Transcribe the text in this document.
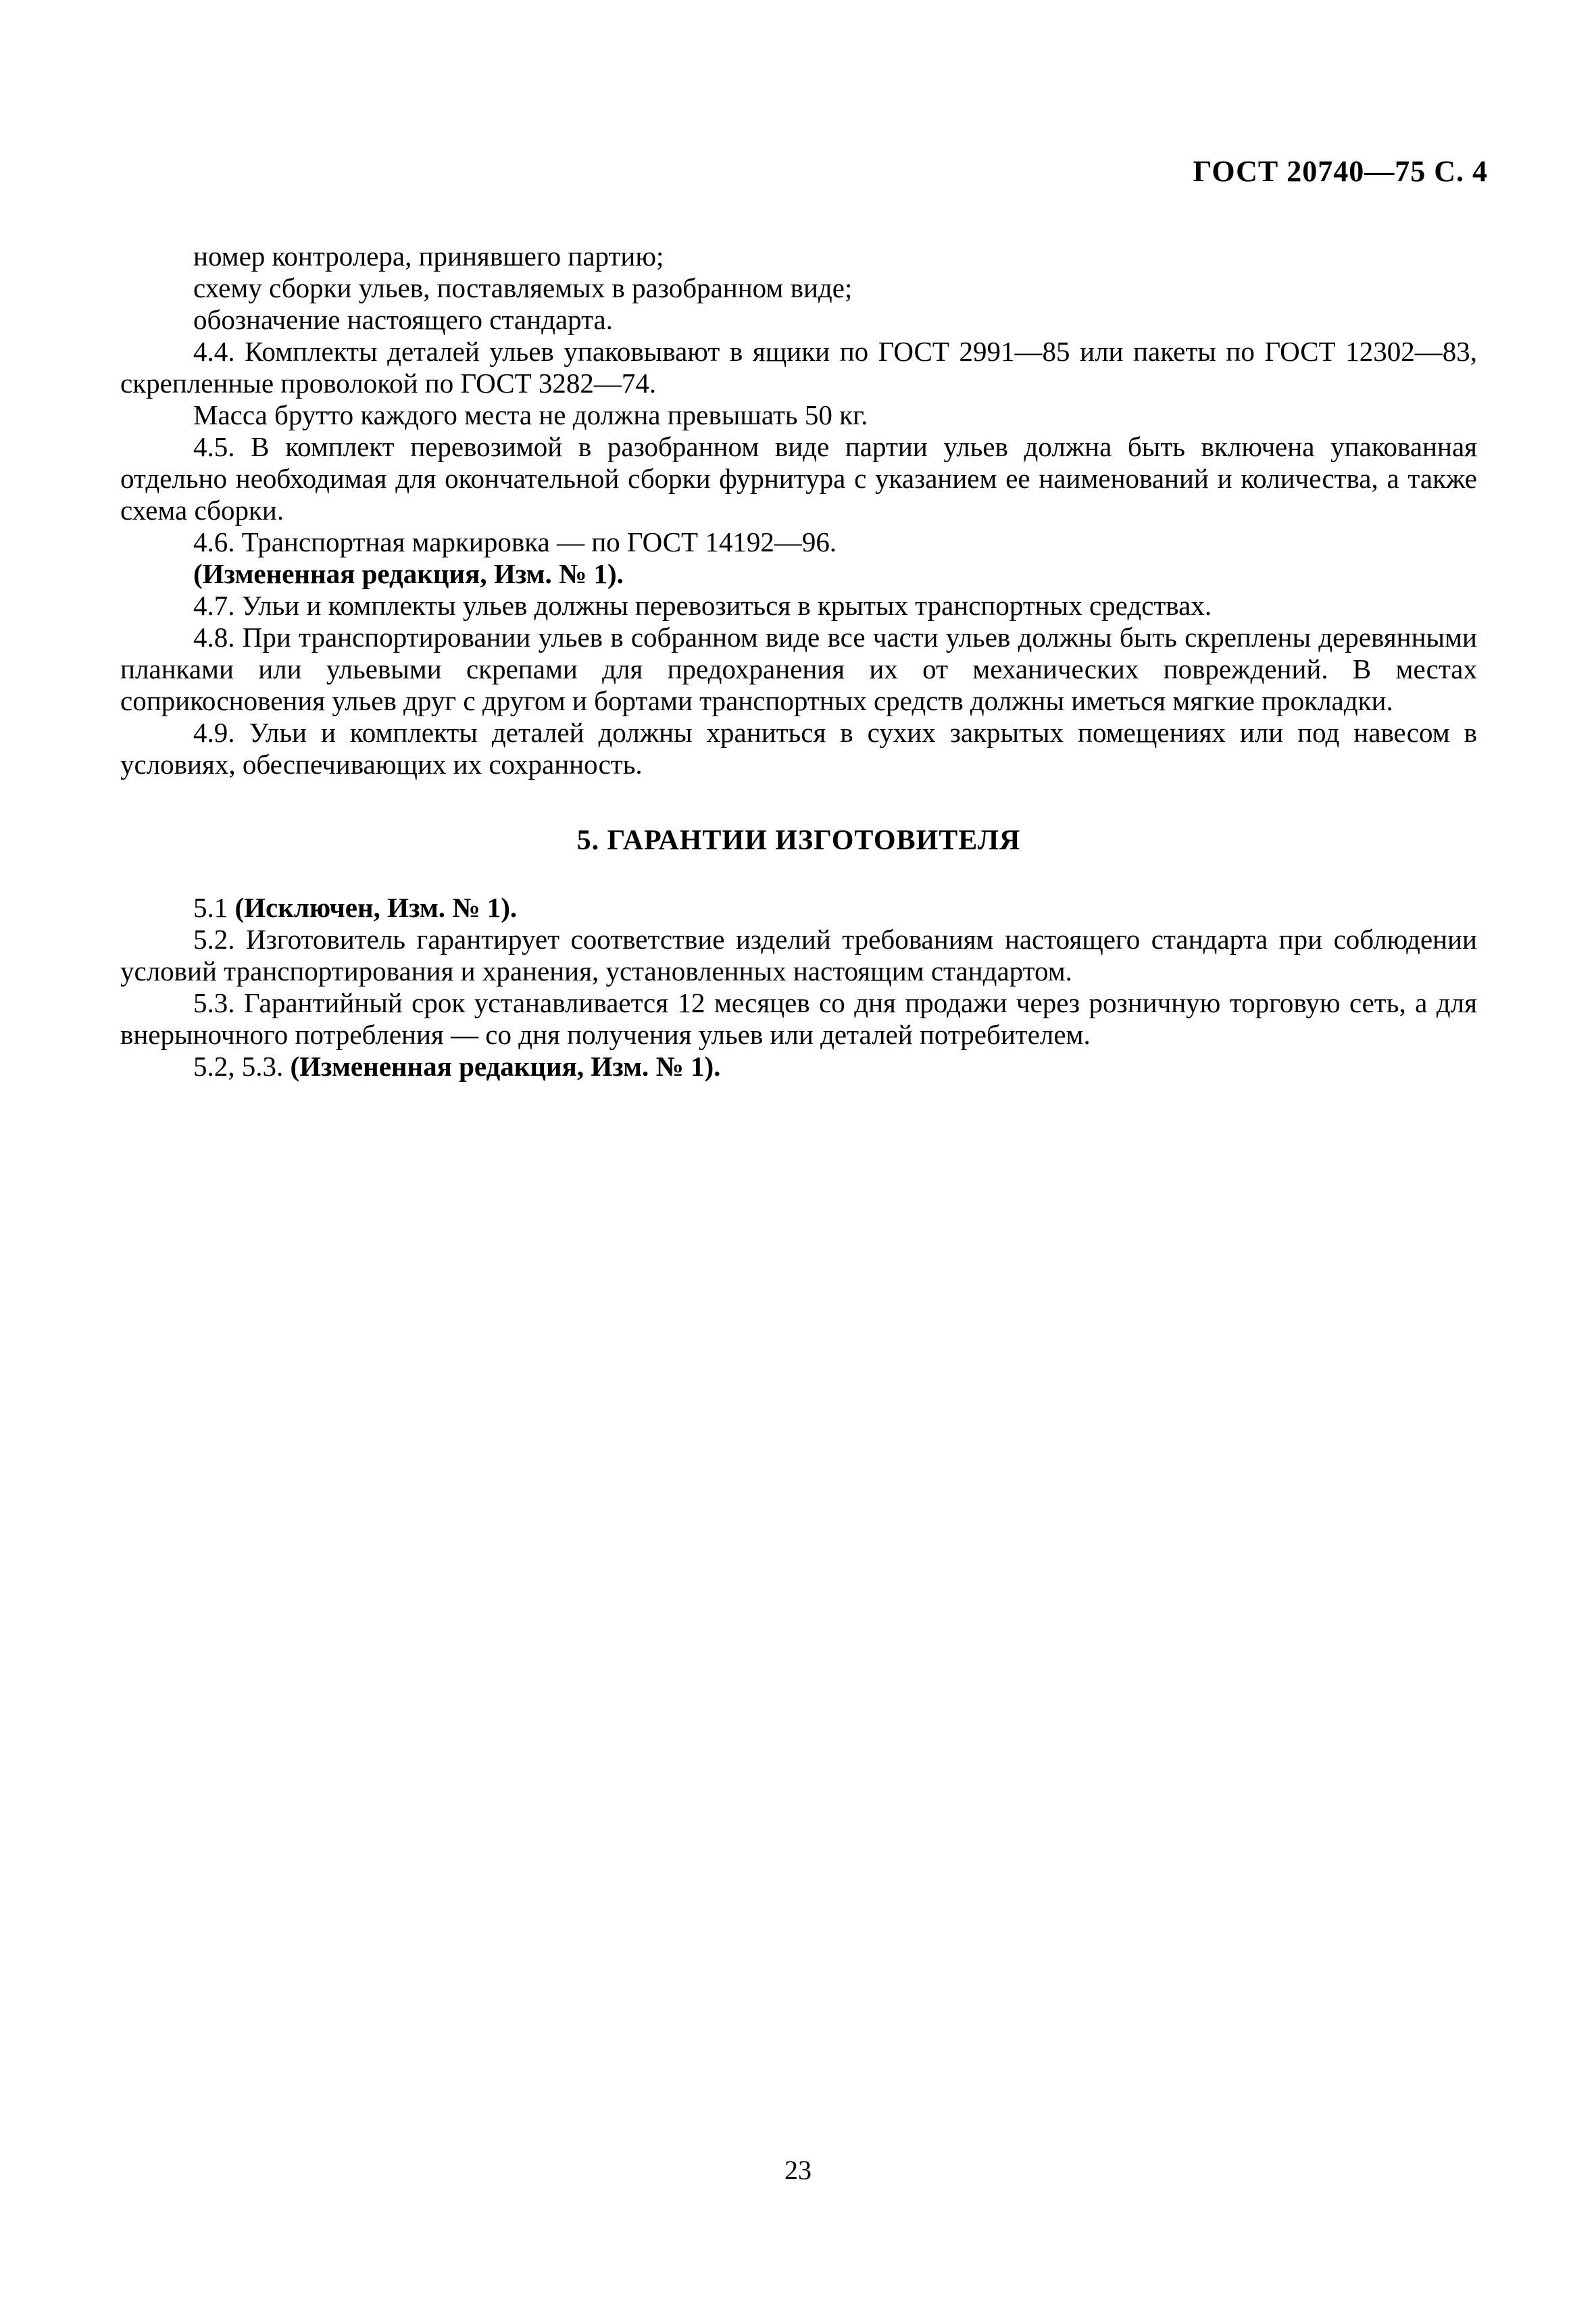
ГОСТ 20740—75 С. 4

номер контролера, принявшего партию;

схему сборки ульев, поставляемых в разобранном виде;

обозначение настоящего стандарта.

4.4. Комплекты деталей ульев упаковывают в ящики по ГОСТ 2991—85 или пакеты по ГОСТ 12302—83, скрепленные проволокой по ГОСТ 3282—74.

Масса брутто каждого места не должна превышать 50 кг.

4.5. В комплект перевозимой в разобранном виде партии ульев должна быть включена упакованная отдельно необходимая для окончательной сборки фурнитура с указанием ее наименований и количества, а также схема сборки.

4.6. Транспортная маркировка — по ГОСТ 14192—96.

(Измененная редакция, Изм. № 1).

4.7. Ульи и комплекты ульев должны перевозиться в крытых транспортных средствах.

4.8. При транспортировании ульев в собранном виде все части ульев должны быть скреплены деревянными планками или ульевыми скрепами для предохранения их от механических повреждений. В местах соприкосновения ульев друг с другом и бортами транспортных средств должны иметься мягкие прокладки.

4.9. Ульи и комплекты деталей должны храниться в сухих закрытых помещениях или под навесом в условиях, обеспечивающих их сохранность.

5. ГАРАНТИИ ИЗГОТОВИТЕЛЯ

5.1 (Исключен, Изм. № 1).

5.2. Изготовитель гарантирует соответствие изделий требованиям настоящего стандарта при соблюдении условий транспортирования и хранения, установленных настоящим стандартом.

5.3. Гарантийный срок устанавливается 12 месяцев со дня продажи через розничную торговую сеть, а для внерыночного потребления — со дня получения ульев или деталей потребителем.

5.2, 5.3. (Измененная редакция, Изм. № 1).

23
